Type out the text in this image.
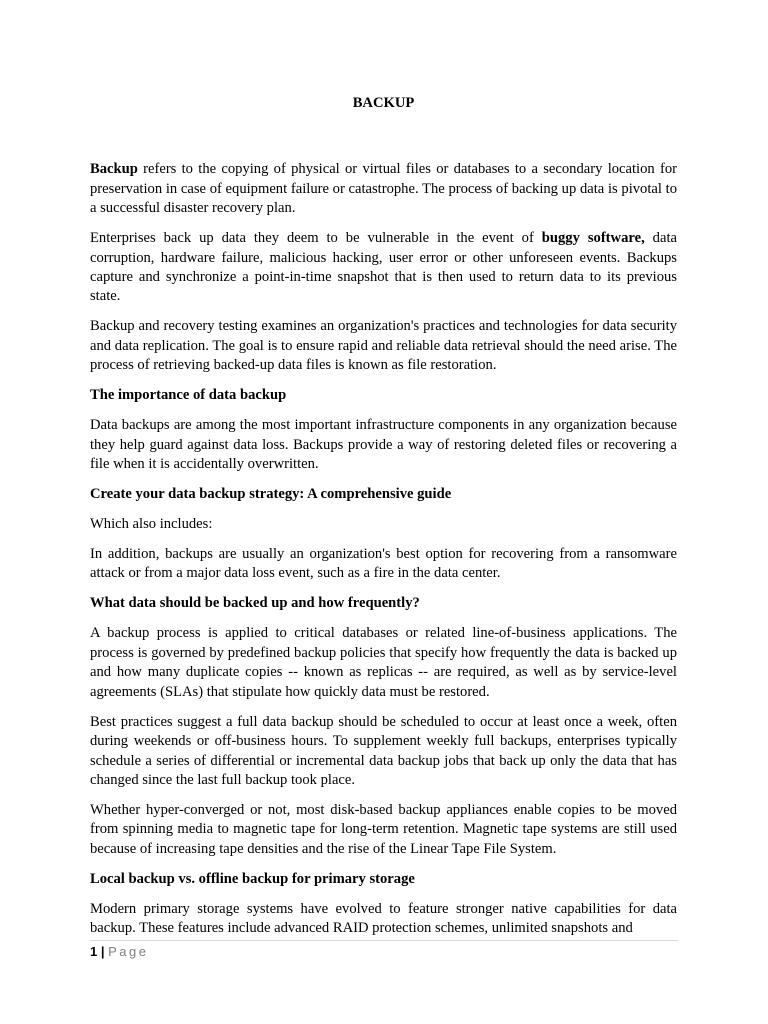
BACKUP

Backup refers to the copying of physical or virtual files or databases to a secondary location for preservation in case of equipment failure or catastrophe. The process of backing up data is pivotal to a successful disaster recovery plan.

Enterprises back up data they deem to be vulnerable in the event of buggy software, data corruption, hardware failure, malicious hacking, user error or other unforeseen events. Backups capture and synchronize a point-in-time snapshot that is then used to return data to its previous state.

Backup and recovery testing examines an organization's practices and technologies for data security and data replication. The goal is to ensure rapid and reliable data retrieval should the need arise. The process of retrieving backed-up data files is known as file restoration.

The importance of data backup

Data backups are among the most important infrastructure components in any organization because they help guard against data loss. Backups provide a way of restoring deleted files or recovering a file when it is accidentally overwritten.

Create your data backup strategy: A comprehensive guide

Which also includes:

In addition, backups are usually an organization's best option for recovering from a ransomware attack or from a major data loss event, such as a fire in the data center.

What data should be backed up and how frequently?

A backup process is applied to critical databases or related line-of-business applications. The process is governed by predefined backup policies that specify how frequently the data is backed up and how many duplicate copies -- known as replicas -- are required, as well as by service-level agreements (SLAs) that stipulate how quickly data must be restored.

Best practices suggest a full data backup should be scheduled to occur at least once a week, often during weekends or off-business hours. To supplement weekly full backups, enterprises typically schedule a series of differential or incremental data backup jobs that back up only the data that has changed since the last full backup took place.

Whether hyper-converged or not, most disk-based backup appliances enable copies to be moved from spinning media to magnetic tape for long-term retention. Magnetic tape systems are still used because of increasing tape densities and the rise of the Linear Tape File System.

Local backup vs. offline backup for primary storage

Modern primary storage systems have evolved to feature stronger native capabilities for data backup. These features include advanced RAID protection schemes, unlimited snapshots and

1 | Page
